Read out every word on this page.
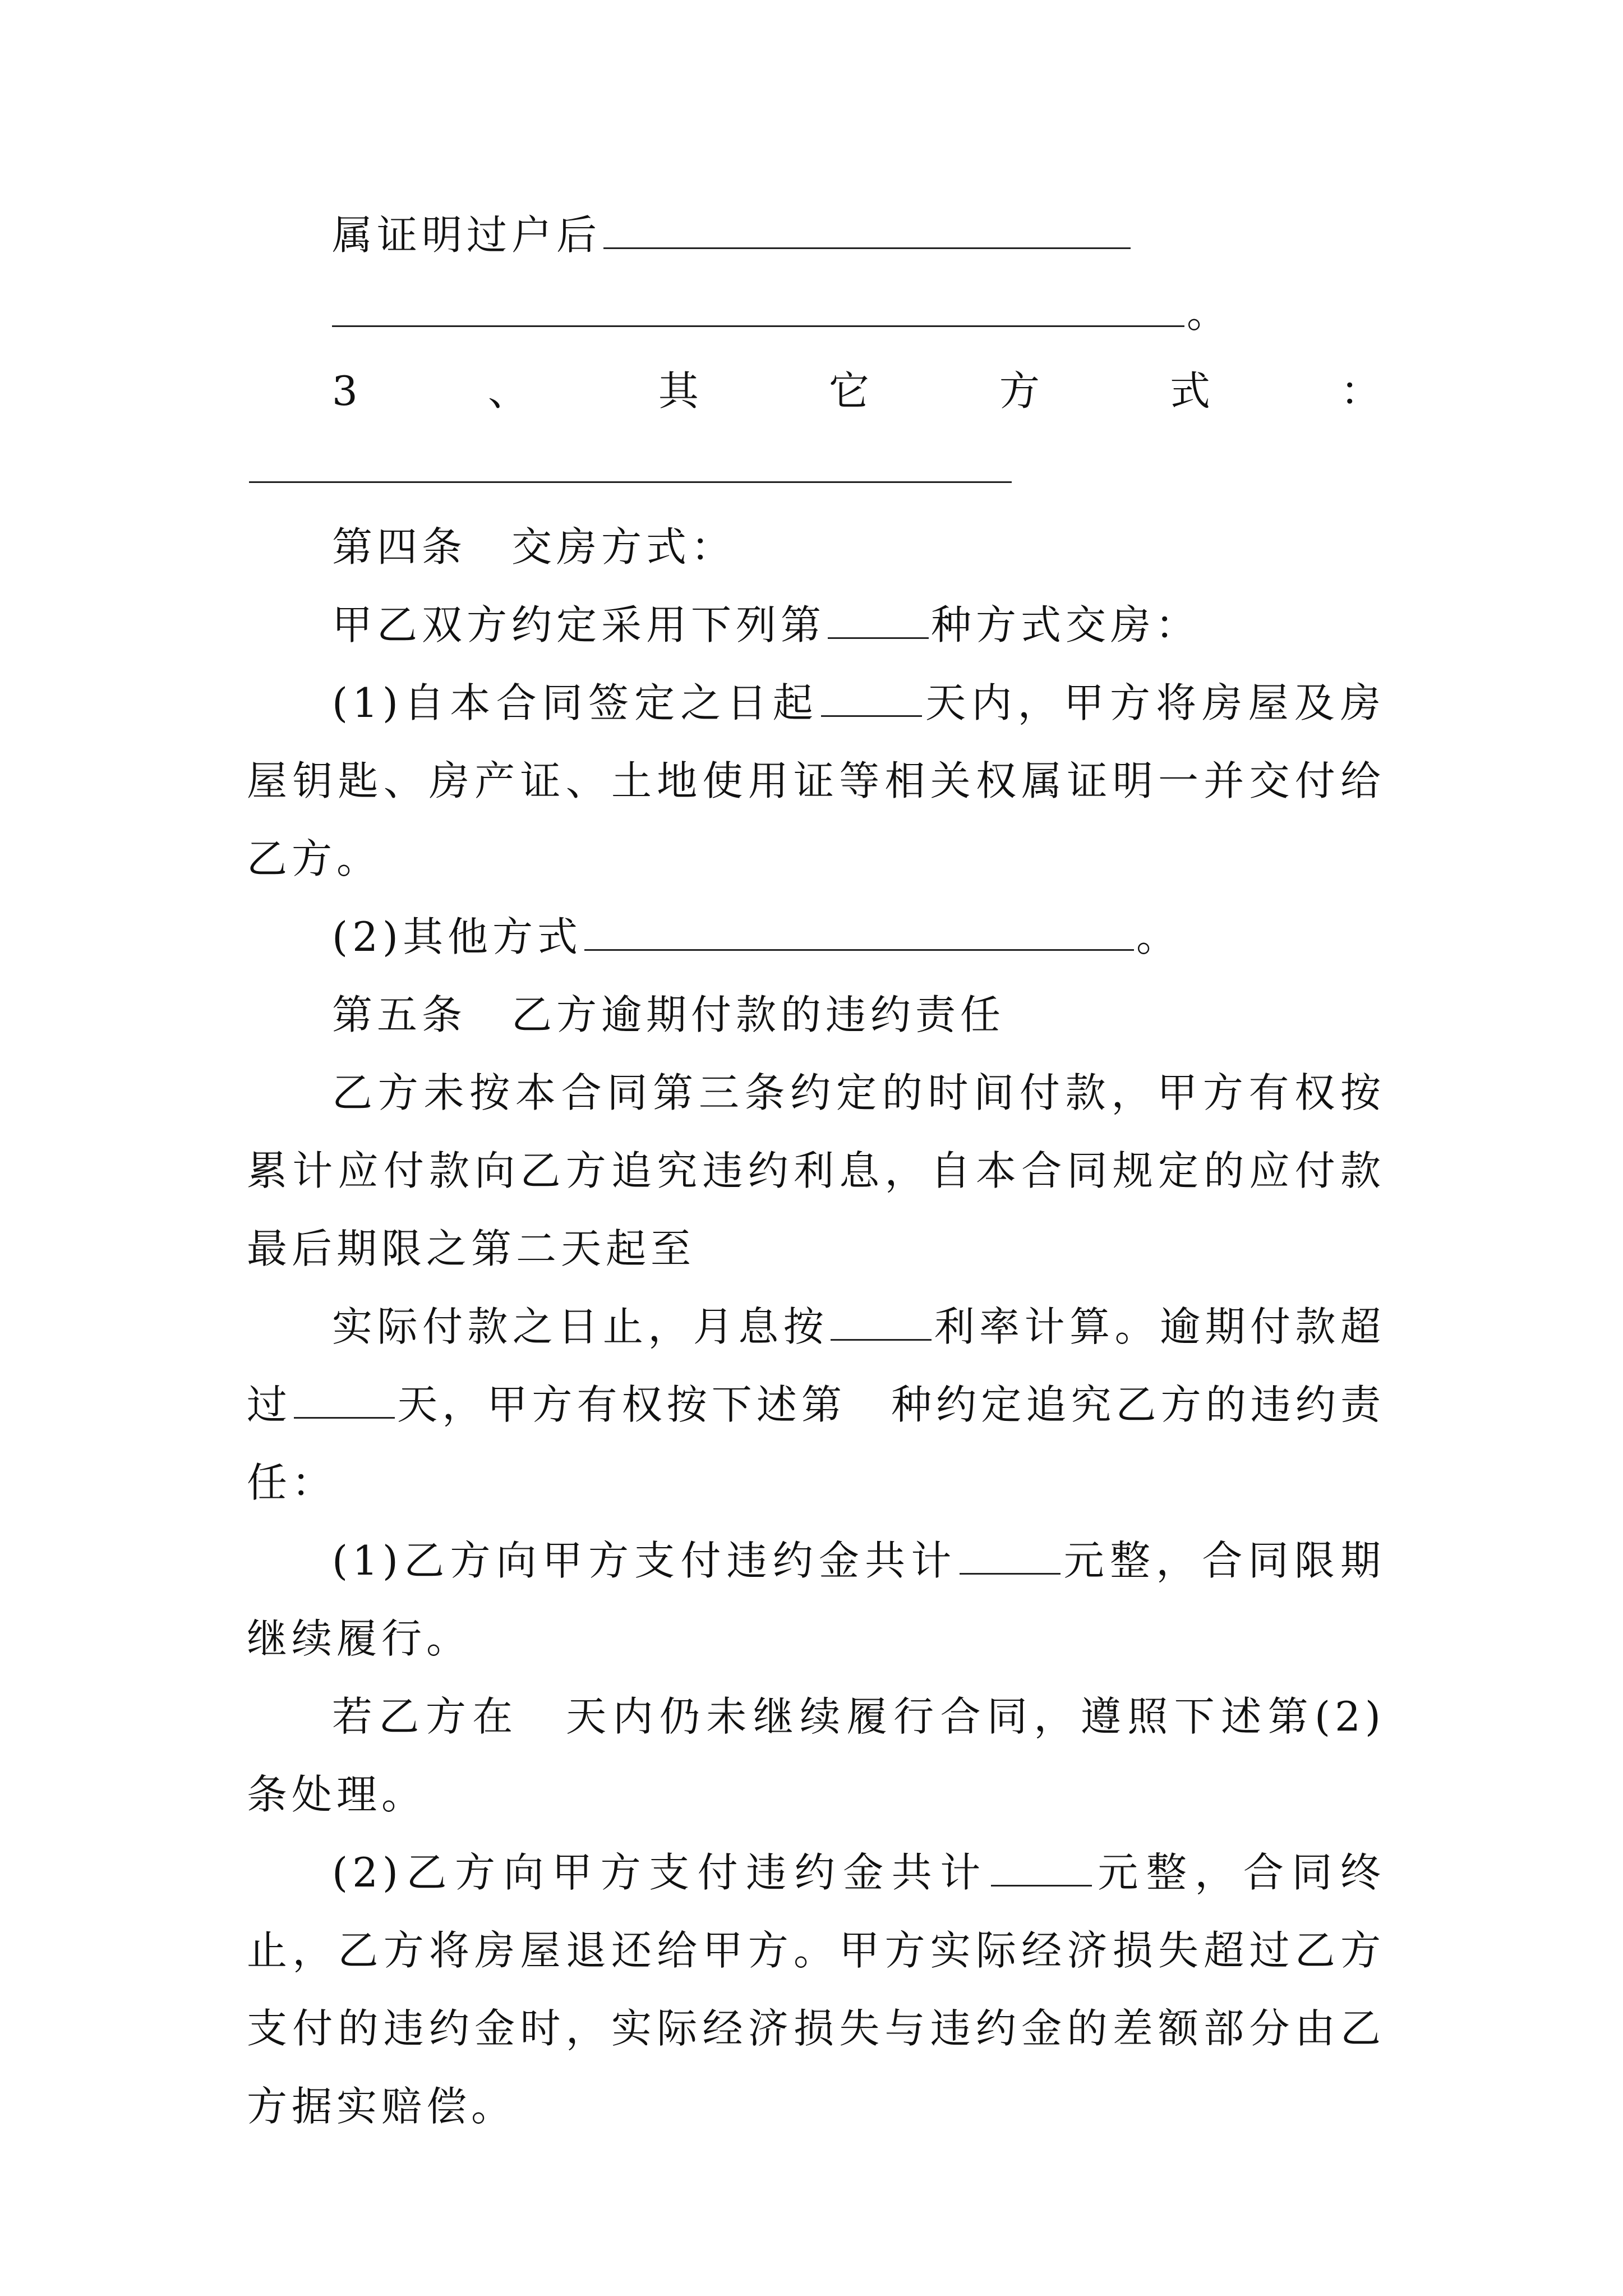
属证明过户后

。

3、其它方式：

第四条　交房方式：

甲乙双方约定采用下列第	种方式交房：

(1)自本合同签定之日起	天内，甲方将房屋及房屋钥匙、房产证、土地使用证等相关权属证明一并交付给乙方。

(2)其他方式	。

第五条　乙方逾期付款的违约责任

乙方未按本合同第三条约定的时间付款，甲方有权按累计应付款向乙方追究违约利息，自本合同规定的应付款最后期限之第二天起至

实际付款之日止，月息按	利率计算。逾期付款超过	天，甲方有权按下述第　种约定追究乙方的违约责任：

(1)乙方向甲方支付违约金共计	元整，合同限期继续履行。

若乙方在　天内仍未继续履行合同，遵照下述第(2)条处理。

(2)乙方向甲方支付违约金共计	元整，合同终止，乙方将房屋退还给甲方。甲方实际经济损失超过乙方支付的违约金时，实际经济损失与违约金的差额部分由乙方据实赔偿。
